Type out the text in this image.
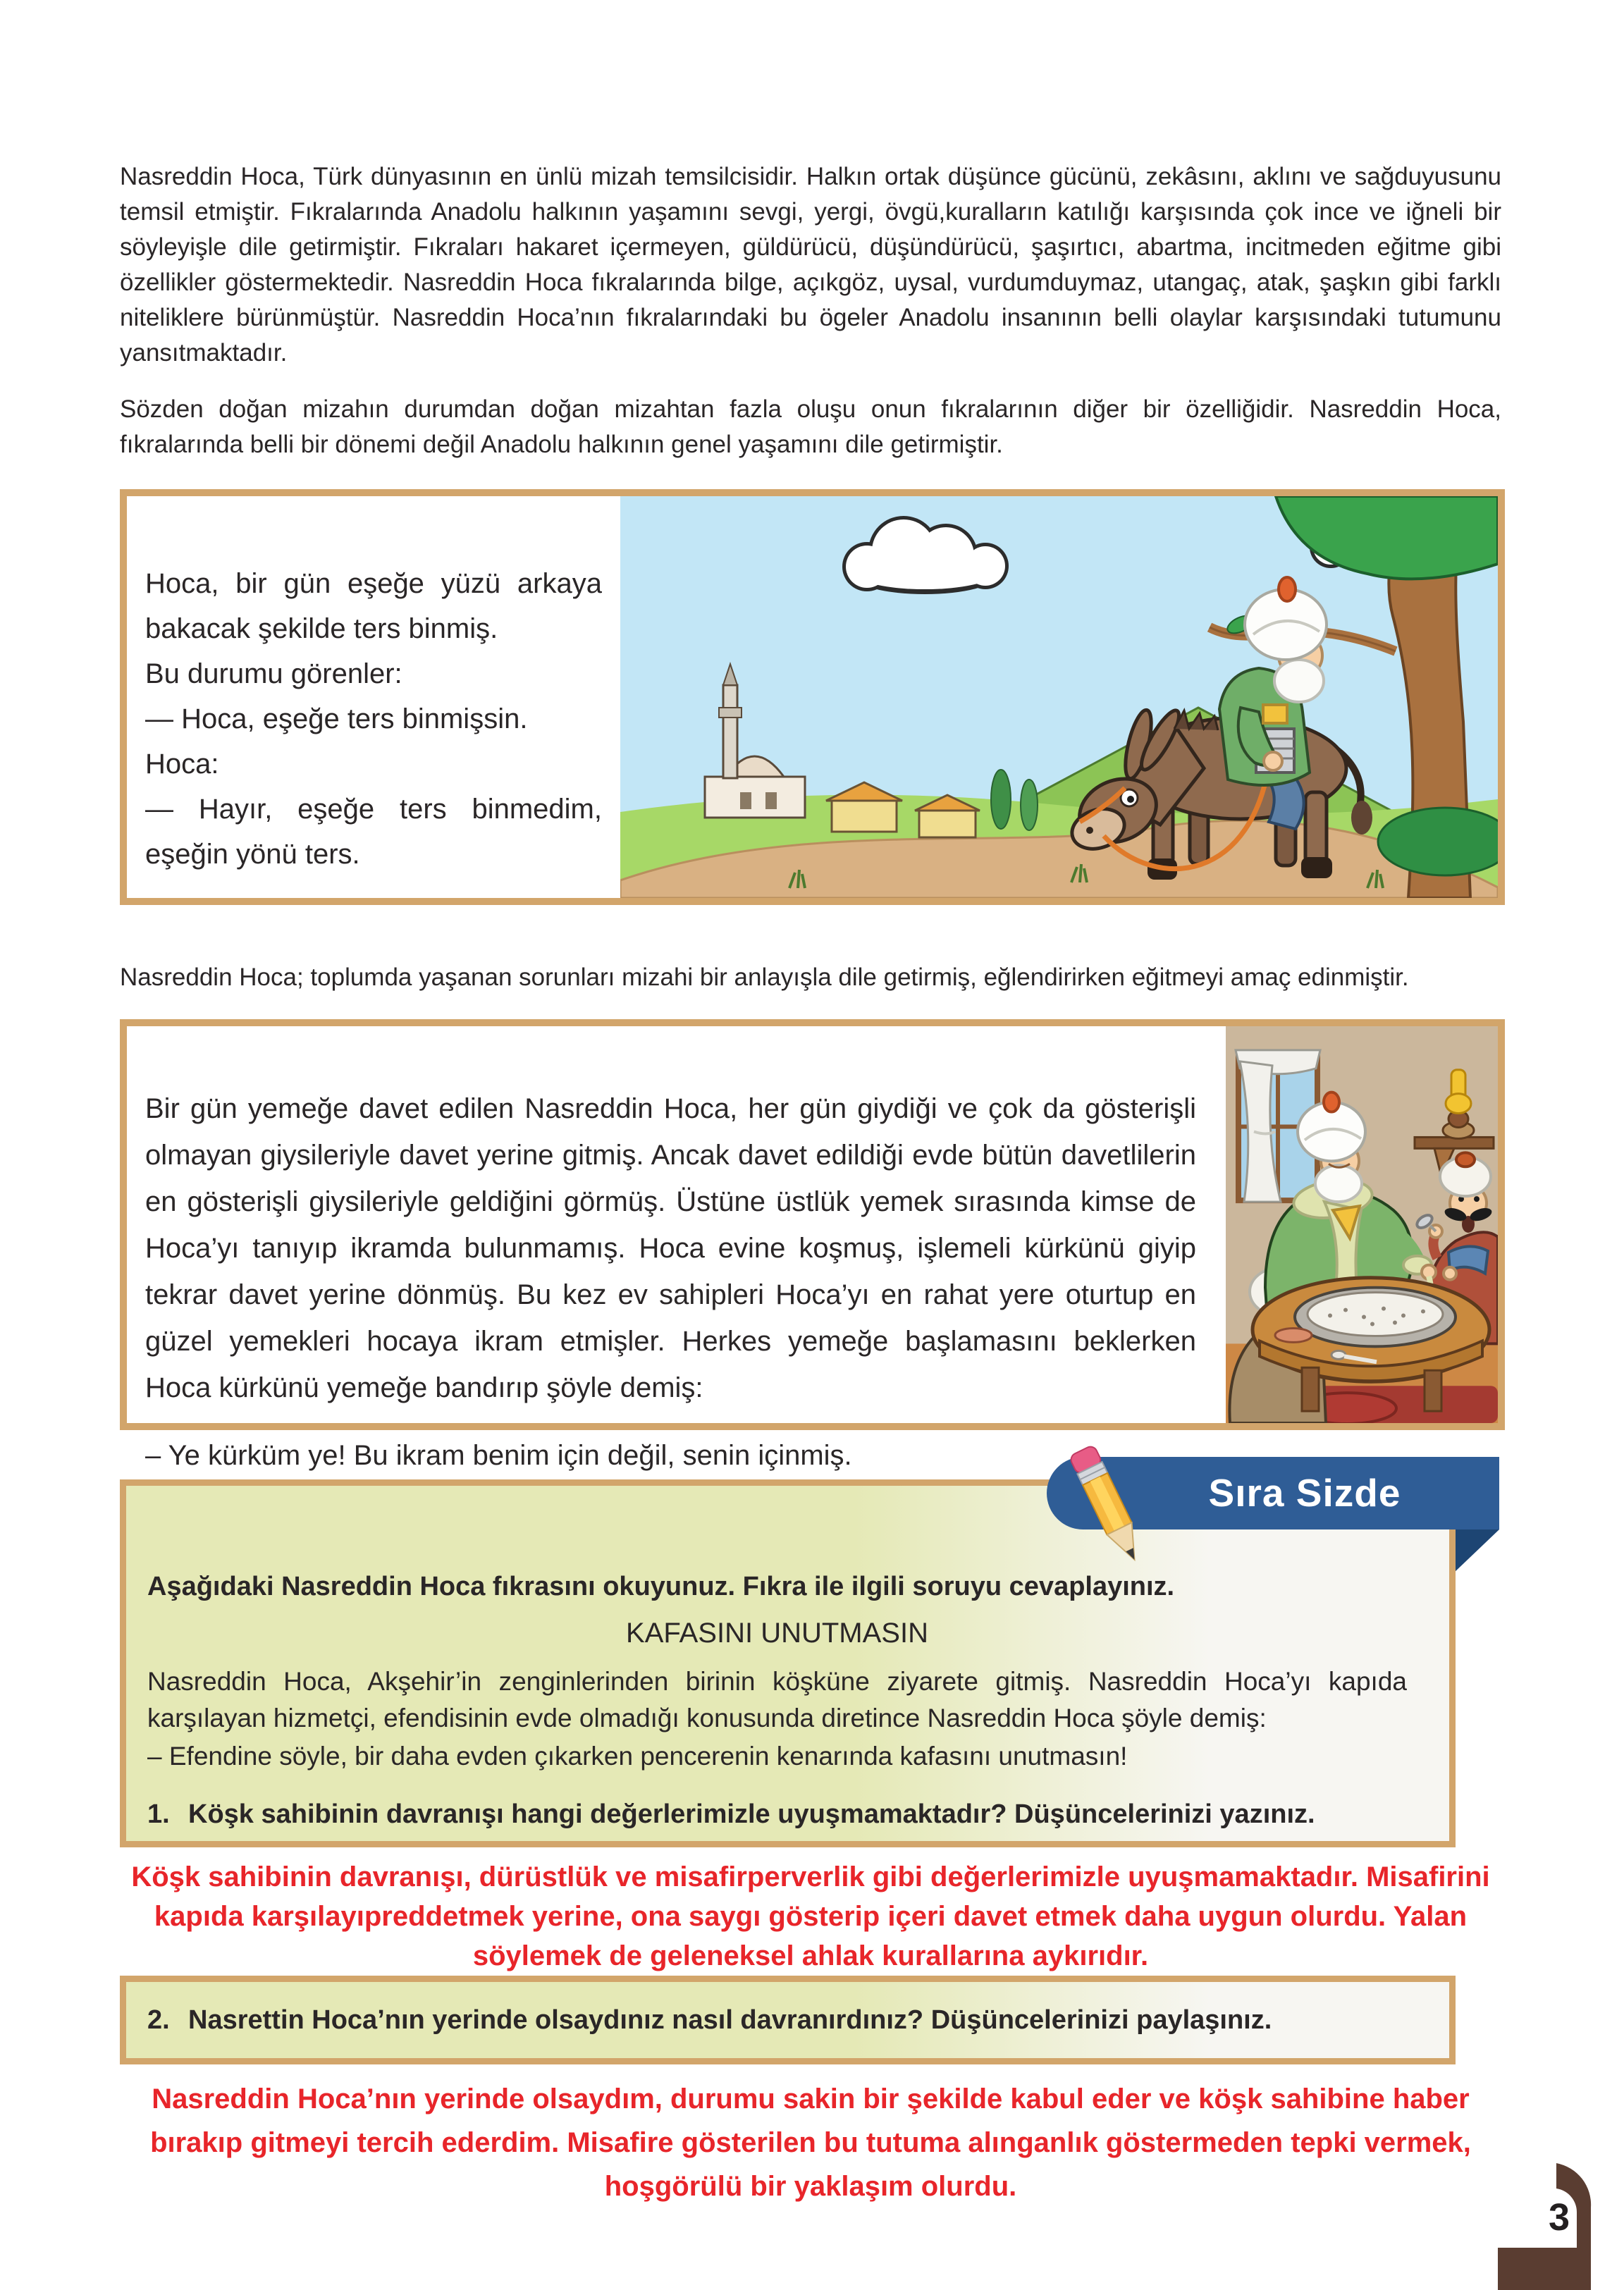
Nasreddin Hoca, Türk dünyasının en ünlü mizah temsilcisidir. Halkın ortak düşünce gücünü, zekâsını, aklını ve sağduyusunu temsil etmiştir. Fıkralarında Anadolu halkının yaşamını sevgi, yergi, övgü,kuralların katılığı karşısında çok ince ve iğneli bir söyleyişle dile getirmiştir. Fıkraları hakaret içermeyen, güldürücü, düşündürücü, şaşırtıcı, abartma, incitmeden eğitme gibi özellikler göstermektedir. Nasreddin Hoca fıkralarında bilge, açıkgöz, uysal, vurdumduymaz, utangaç, atak, şaşkın gibi farklı niteliklere bürünmüştür. Nasreddin Hoca’nın fıkralarındaki bu ögeler Anadolu insanının belli olaylar karşısındaki tutumunu yansıtmaktadır.

Sözden doğan mizahın durumdan doğan mizahtan fazla oluşu onun fıkralarının diğer bir özelliğidir. Nasreddin Hoca, fıkralarında belli bir dönemi değil Anadolu halkının genel yaşamını dile getirmiştir.

Hoca, bir gün eşeğe yüzü arkaya bakacak şekilde ters binmiş.

Bu durumu görenler:

— Hoca, eşeğe ters binmişsin.

Hoca:

— Hayır, eşeğe ters binmedim, eşeğin yönü ters.

Nasreddin Hoca; toplumda yaşanan sorunları mizahi bir anlayışla dile getirmiş, eğlendirirken eğitmeyi amaç edinmiştir.

Bir gün yemeğe davet edilen Nasreddin Hoca, her gün giydiği ve çok da gösterişli olmayan giysileriyle davet yerine gitmiş. Ancak davet edildiği evde bütün davetlilerin en gösterişli giysileriyle geldiğini görmüş. Üstüne üstlük yemek sırasında kimse de Hoca’yı tanıyıp ikramda bulunmamış. Hoca evine koşmuş, işlemeli kürkünü giyip tekrar davet yerine dönmüş. Bu kez ev sahipleri Hoca’yı en rahat yere oturtup en güzel yemekleri hocaya ikram etmişler. Herkes yemeğe başlamasını beklerken Hoca kürkünü yemeğe bandırıp şöyle demiş:

– Ye kürküm ye! Bu ikram benim için değil, senin içinmiş.

Sıra Sizde

Aşağıdaki Nasreddin Hoca fıkrasını okuyunuz. Fıkra ile ilgili soruyu cevaplayınız.

KAFASINI UNUTMASIN

Nasreddin Hoca, Akşehir’in zenginlerinden birinin köşküne ziyarete gitmiş. Nasreddin Hoca’yı kapıda karşılayan hizmetçi, efendisinin evde olmadığı konusunda diretince Nasreddin Hoca şöyle demiş:

– Efendine söyle, bir daha evden çıkarken pencerenin kenarında kafasını unutmasın!

1. Köşk sahibinin davranışı hangi değerlerimizle uyuşmamaktadır? Düşüncelerinizi yazınız.

Köşk sahibinin davranışı, dürüstlük ve misafirperverlik gibi değerlerimizle uyuşmamaktadır. Misafirini kapıda karşılayıpreddetmek yerine, ona saygı gösterip içeri davet etmek daha uygun olurdu. Yalan söylemek de geleneksel ahlak kurallarına aykırıdır.

2. Nasrettin Hoca’nın yerinde olsaydınız nasıl davranırdınız? Düşüncelerinizi paylaşınız.

Nasreddin Hoca’nın yerinde olsaydım, durumu sakin bir şekilde kabul eder ve köşk sahibine haber bırakıp gitmeyi tercih ederdim. Misafire gösterilen bu tutuma alınganlık göstermeden tepki vermek, hoşgörülü bir yaklaşım olurdu.

3
